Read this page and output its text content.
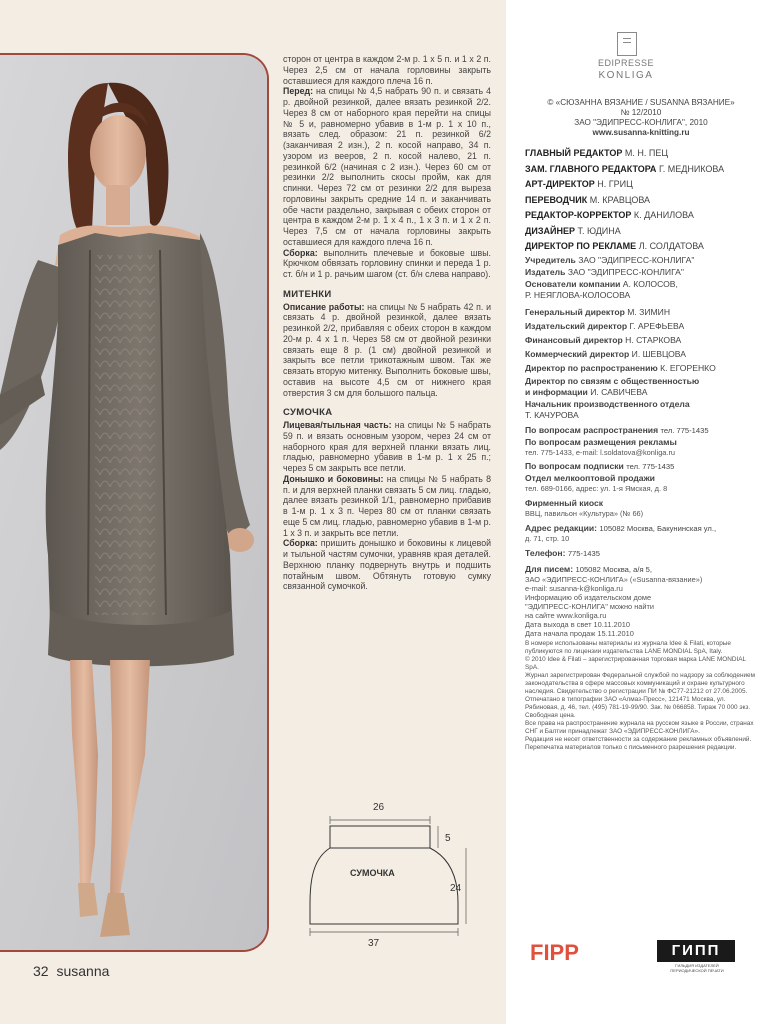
сторон от центра в каждом 2-м р. 1 х 5 п. и 1 х 2 п. Через 2,5 см от начала горловины закрыть оставшиеся для каждого плеча 16 п.

Перед: на спицы № 4,5 набрать 90 п. и связать 4 р. двойной резинкой, далее вязать резинкой 2/2. Через 8 см от наборного края перейти на спицы № 5 и, равномерно убавив в 1-м р. 1 х 10 п., вязать след. образом: 21 п. резинкой 6/2 (заканчивая 2 изн.), 2 п. косой направо, 34 п. узором из вееров, 2 п. косой налево, 21 п. резинкой 6/2 (начиная с 2 изн.). Через 60 см от резинки 2/2 выполнить скосы пройм, как для спинки. Через 72 см от резинки 2/2 для выреза горловины закрыть средние 14 п. и заканчивать обе части раздельно, закрывая с обеих сторон от центра в каждом 2-м р. 1 х 4 п., 1 х 3 п. и 1 х 2 п. Через 7,5 см от начала горловины закрыть оставшиеся для каждого плеча 16 п.

Сборка: выполнить плечевые и боковые швы. Крючком обвязать горловину спинки и переда 1 р. ст. б/н и 1 р. рачьим шагом (ст. б/н слева направо).

МИТЕНКИ

Описание работы: на спицы № 5 набрать 42 п. и связать 4 р. двойной резинкой, далее вязать резинкой 2/2, прибавляя с обеих сторон в каждом 20-м р. 4 х 1 п. Через 58 см от двойной резинки связать еще 8 р. (1 см) двойной резинкой и закрыть все петли трикотажным швом. Так же связать вторую митенку. Выполнить боковые швы, оставив на высоте 4,5 см от нижнего края отверстия 3 см для большого пальца.

СУМОЧКА

Лицевая/тыльная часть: на спицы № 5 набрать 59 п. и вязать основным узором, через 24 см от наборного края для верхней планки вязать лиц. гладью, равномерно убавив в 1-м р. 1 х 25 п.; через 5 см закрыть все петли.

Донышко и боковины: на спицы № 5 набрать 8 п. и для верхней планки связать 5 см лиц. гладью, далее вязать резинкой 1/1, равномерно прибавив в 1-м р. 1 х 3 п. Через 80 см от планки связать еще 5 см лиц. гладью, равномерно убавив в 1-м р. 1 х 3 п. и закрыть все петли.

Сборка: пришить донышко и боковины к лицевой и тыльной частям сумочки, уравняв края деталей. Верхнюю планку подвернуть внутрь и подшить потайным швом. Обтянуть готовую сумку связанной сумочкой.

26
5
24
СУМОЧКА
37
32 susanna
EDIPRESSE
KONLIGA
© «СЮЗАННА ВЯЗАНИЕ / SUSANNA ВЯЗАНИЕ»
№ 12/2010
ЗАО "ЭДИПРЕСС-КОНЛИГА", 2010
www.susanna-knitting.ru
ГЛАВНЫЙ РЕДАКТОР М. Н. ПЕЦ
ЗАМ. ГЛАВНОГО РЕДАКТОРА Г. МЕДНИКОВА
АРТ-ДИРЕКТОР Н. ГРИЦ
ПЕРЕВОДЧИК М. КРАВЦОВА
РЕДАКТОР-КОРРЕКТОР К. ДАНИЛОВА
ДИЗАЙНЕР Т. ЮДИНА
ДИРЕКТОР ПО РЕКЛАМЕ Л. СОЛДАТОВА
Учредитель ЗАО "ЭДИПРЕСС-КОНЛИГА"
Издатель ЗАО "ЭДИПРЕСС-КОНЛИГА"
Основатели компании А. КОЛОСОВ,
Р. НЕЯГЛОВА-КОЛОСОВА
Генеральный директор М. ЗИМИН
Издательский директор Г. АРЕФЬЕВА
Финансовый директор Н. СТАРКОВА
Коммерческий директор И. ШЕВЦОВА
Директор по распространению К. ЕГОРЕНКО
Директор по связям с общественностью
и информации И. САВИЧЕВА
Начальник производственного отдела
Т. КАЧУРОВА
По вопросам распространения тел. 775-1435
По вопросам размещения рекламы
тел. 775-1433, e-mail: l.soldatova@konliga.ru
По вопросам подписки тел. 775-1435
Отдел мелкооптовой продажи
тел. 689-0166, адрес: ул. 1-я Ямская, д. 8
Фирменный киоск
ВВЦ, павильон «Культура» (№ 66)
Адрес редакции: 105082 Москва, Бакунинская ул.,
д. 71, стр. 10
Телефон: 775-1435
Для писем: 105082 Москва, а/я 5,
ЗАО «ЭДИПРЕСС-КОНЛИГА» («Susanna-вязание»)
e-mail: susanna-k@konliga.ru
Информацию об издательском доме
"ЭДИПРЕСС-КОНЛИГА" можно найти
на сайте www.konliga.ru
Дата выхода в свет 10.11.2010
Дата начала продаж 15.11.2010
В номере использованы материалы из журнала Idee & Filati, которые публикуются по лицензии издательства LANE MONDIAL SpA, Italy.
© 2010 Idee & Filati – зарегистрированная торговая марка LANE MONDIAL SpA.
Журнал зарегистрирован Федеральной службой по надзору за соблюдением законодательства в сфере массовых коммуникаций и охране культурного наследия. Свидетельство о регистрации ПИ № ФС77-21212 от 27.06.2005.
Отпечатано в типографии ЗАО «Алмаз-Пресс», 121471 Москва, ул. Рябиновая, д. 46, тел. (495) 781-19-99/90. Зак. № 066858. Тираж 70 000 экз. Свободная цена.
Все права на распространение журнала на русском языке в России, странах СНГ и Балтии принадлежат ЗАО «ЭДИПРЕСС-КОНЛИГА».
Редакция не несет ответственности за содержание рекламных объявлений.
Перепечатка материалов только с письменного разрешения редакции.
FIPP	ГИПП
ГИЛЬДИЯ ИЗДАТЕЛЕЙ ПЕРИОДИЧЕСКОЙ ПЕЧАТИ
